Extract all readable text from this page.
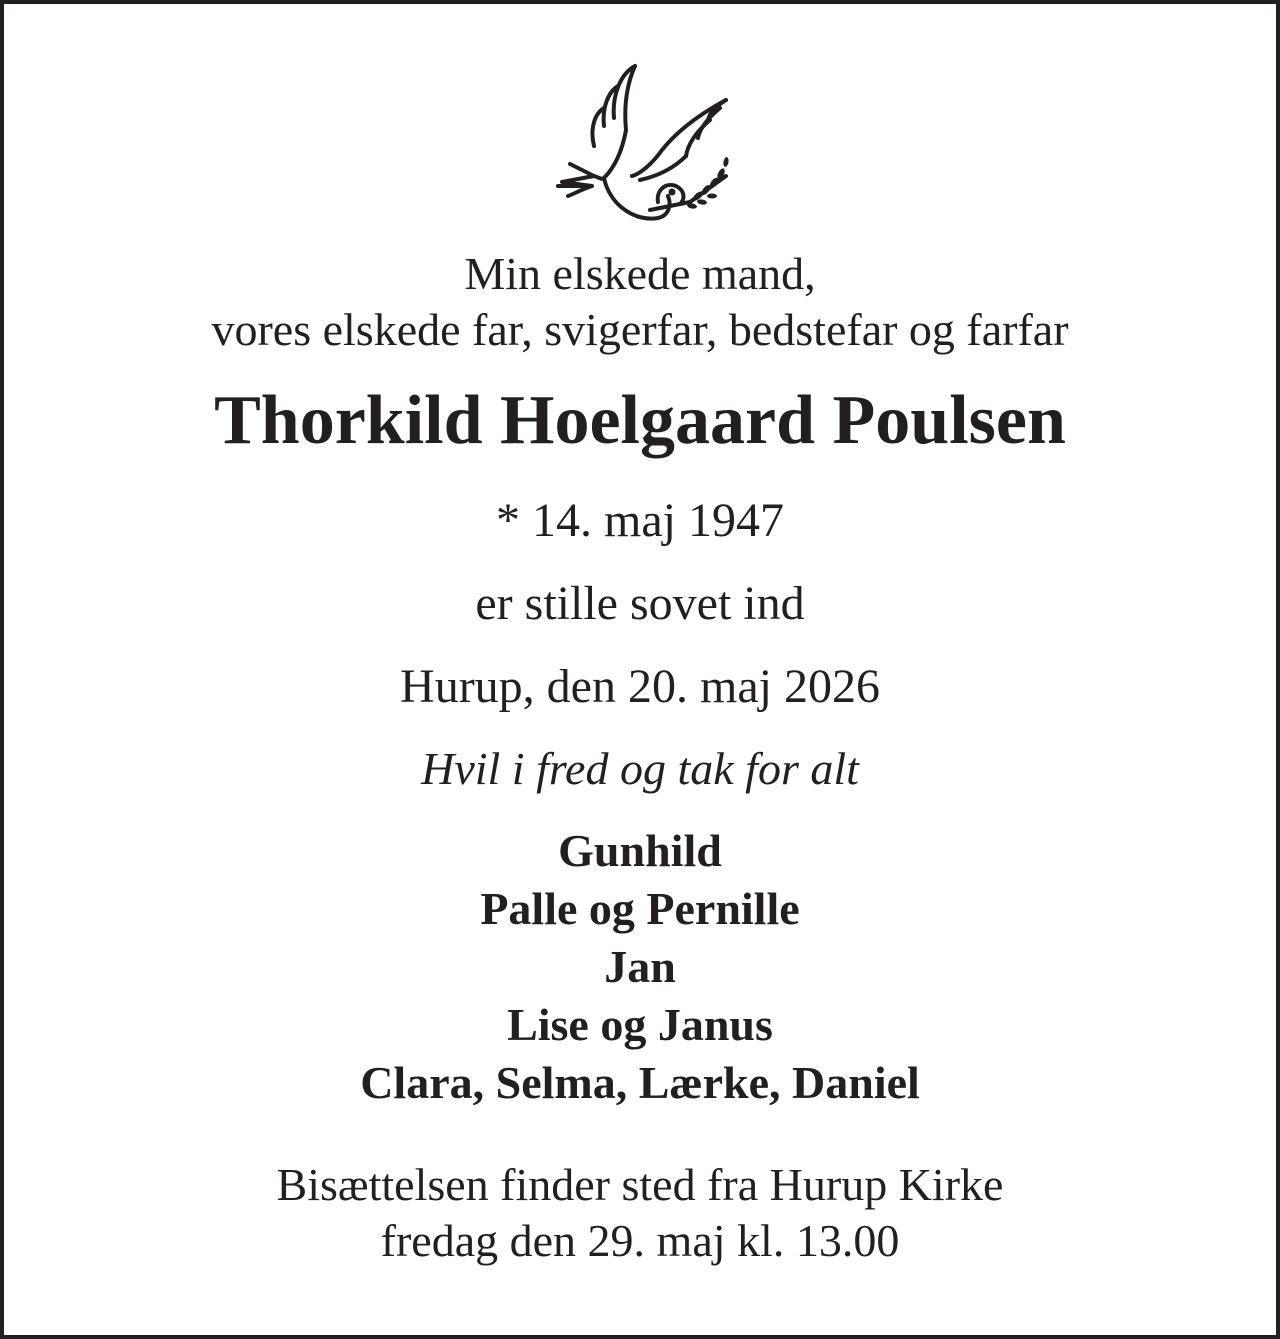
Min elskede mand,
vores elskede far, svigerfar, bedstefar og farfar
Thorkild Hoelgaard Poulsen
* 14. maj 1947
er stille sovet ind
Hurup, den 20. maj 2026
Hvil i fred og tak for alt
Gunhild
Palle og Pernille
Jan
Lise og Janus
Clara, Selma, Lærke, Daniel
Bisættelsen finder sted fra Hurup Kirke
fredag den 29. maj kl. 13.00
